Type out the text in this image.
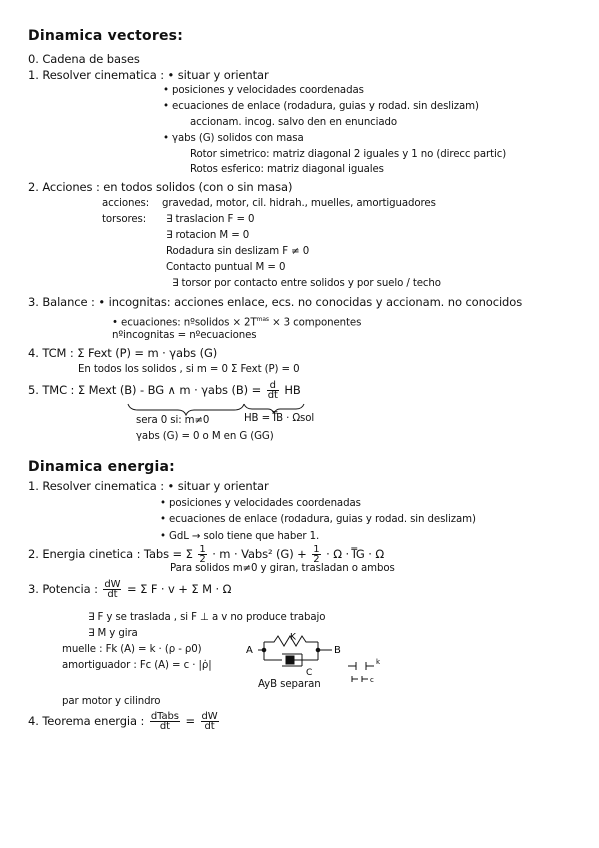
Dinamica vectores:
0. Cadena de bases
1. Resolver cinematica : • situar y orientar
• posiciones y velocidades coordenadas
• ecuaciones de enlace (rodadura, guias y rodad. sin deslizam)
accionam. incog. salvo den en enunciado
• γabs (G) solidos con masa
Rotor simetrico: matriz diagonal 2 iguales y 1 no (direcc partic)
Rotos esferico: matriz diagonal iguales
2. Acciones : en todos solidos (con o sin masa)
acciones: gravedad, motor, cil. hidrah., muelles, amortiguadores
torsores: ∃ traslacion F = 0
∃ rotacion M = 0
Rodadura sin deslizam F ≠ 0
Contacto puntual M = 0
∃ torsor por contacto entre solidos y por suelo / techo
3. Balance : • incognitas: acciones enlace, ecs. no conocidas y accionam. no conocidos
• ecuaciones: nºsolidos × $2T^{mas} \times 3$ componentes
nºincognitas = nºecuaciones
4. TCM : Σ Fext (P) = m · γabs (G)
En todos los solidos , si m = 0 Σ Fext (P) = 0
5. TMC : Σ Mext (B) - BG ∧ m · γabs $(B) = \frac{d}{dt}$ HB
sera 0 si: m≠0	HB = I̿B · Ωsol
γabs (G) = 0 o M en G (GG)
Dinamica energia:
1. Resolver cinematica : • situar y orientar
• posiciones y velocidades coordenadas
• ecuaciones de enlace (rodadura, guias y rodad. sin deslizam)
• GdL → solo tiene que haber 1.
2. Energia cinetica : Tabs = Σ $\frac{1}{2} \cdot m$ · Vabs² $(G) + \frac{1}{2} \cdot \Omega$ · I̿G · Ω
Para solidos m≠0 y giran, trasladan o ambos
3. Potencia : $\frac{dW}{dt} = \Sigma$ F · v + Σ M · Ω
∃ F y se traslada , si F ⊥ a v no produce trabajo
∃ M y gira
muelle : Fk (A) = k · (ρ - ρ0)
amortiguador : Fc (A) = c · |ρ̇|
A	B
K
C
k
c
AyB separan
par motor y cilindro
4. Teorema energia : $\frac{\text{dTabs}}{dt} = \frac{dW}{dt}$
